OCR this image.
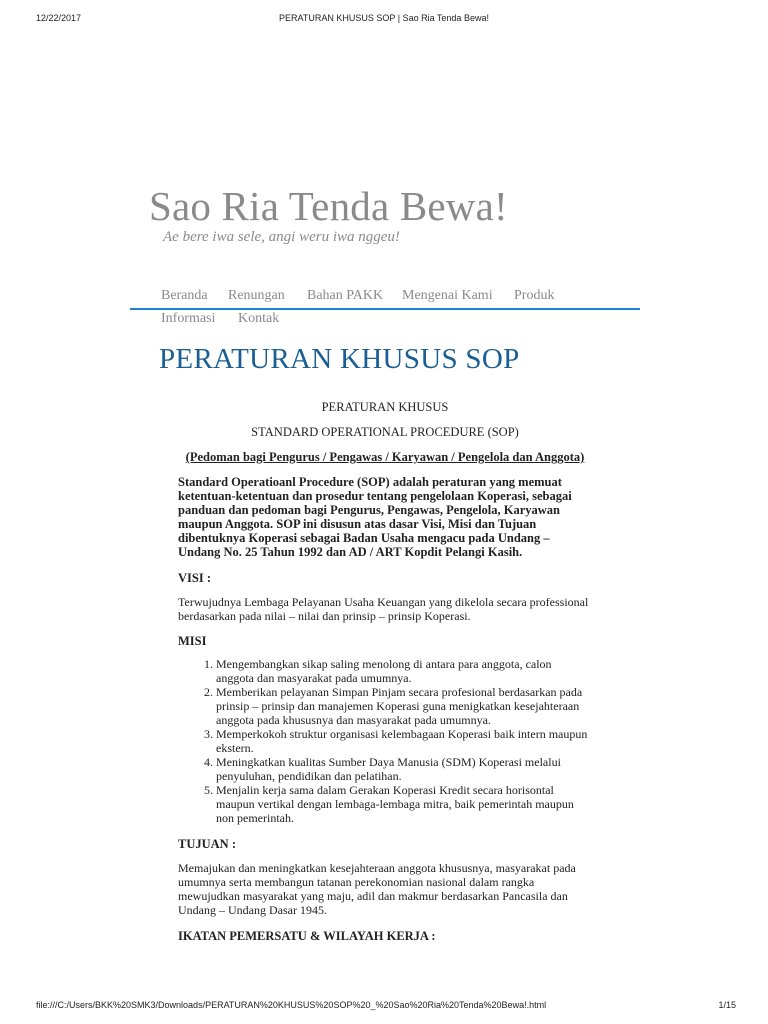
12/22/2017	PERATURAN KHUSUS SOP | Sao Ria Tenda Bewa!
Sao Ria Tenda Bewa!

Ae bere iwa sele, angi weru iwa nggeu!

Beranda Renungan Bahan PAKK Mengenai Kami Produk
Informasi Kontak
PERATURAN KHUSUS SOP

PERATURAN KHUSUS

STANDARD OPERATIONAL PROCEDURE (SOP)

(Pedoman bagi Pengurus / Pengawas / Karyawan / Pengelola dan Anggota)

Standard Operatioanl Procedure (SOP) adalah peraturan yang memuat ketentuan-ketentuan dan prosedur tentang pengelolaan Koperasi, sebagai panduan dan pedoman bagi Pengurus, Pengawas, Pengelola, Karyawan maupun Anggota. SOP ini disusun atas dasar Visi, Misi dan Tujuan dibentuknya Koperasi sebagai Badan Usaha mengacu pada Undang – Undang No. 25 Tahun 1992 dan AD / ART Kopdit Pelangi Kasih.

VISI :

Terwujudnya Lembaga Pelayanan Usaha Keuangan yang dikelola secara professional berdasarkan pada nilai – nilai dan prinsip – prinsip Koperasi.

MISI

1. Mengembangkan sikap saling menolong di antara para anggota, calon anggota dan masyarakat pada umumnya.
2. Memberikan pelayanan Simpan Pinjam secara profesional berdasarkan pada prinsip – prinsip dan manajemen Koperasi guna menigkatkan kesejahteraan anggota pada khususnya dan masyarakat pada umumnya.
3. Memperkokoh struktur organisasi kelembagaan Koperasi baik intern maupun ekstern.
4. Meningkatkan kualitas Sumber Daya Manusia (SDM) Koperasi melalui penyuluhan, pendidikan dan pelatihan.
5. Menjalin kerja sama dalam Gerakan Koperasi Kredit secara horisontal maupun vertikal dengan lembaga-lembaga mitra, baik pemerintah maupun non pemerintah.

TUJUAN :

Memajukan dan meningkatkan kesejahteraan anggota khususnya, masyarakat pada umumnya serta membangun tatanan perekonomian nasional dalam rangka mewujudkan masyarakat yang maju, adil dan makmur berdasarkan Pancasila dan Undang – Undang Dasar 1945.

IKATAN PEMERSATU & WILAYAH KERJA :

file:///C:/Users/BKK%20SMK3/Downloads/PERATURAN%20KHUSUS%20SOP%20_%20Sao%20Ria%20Tenda%20Bewa!.html	1/15
